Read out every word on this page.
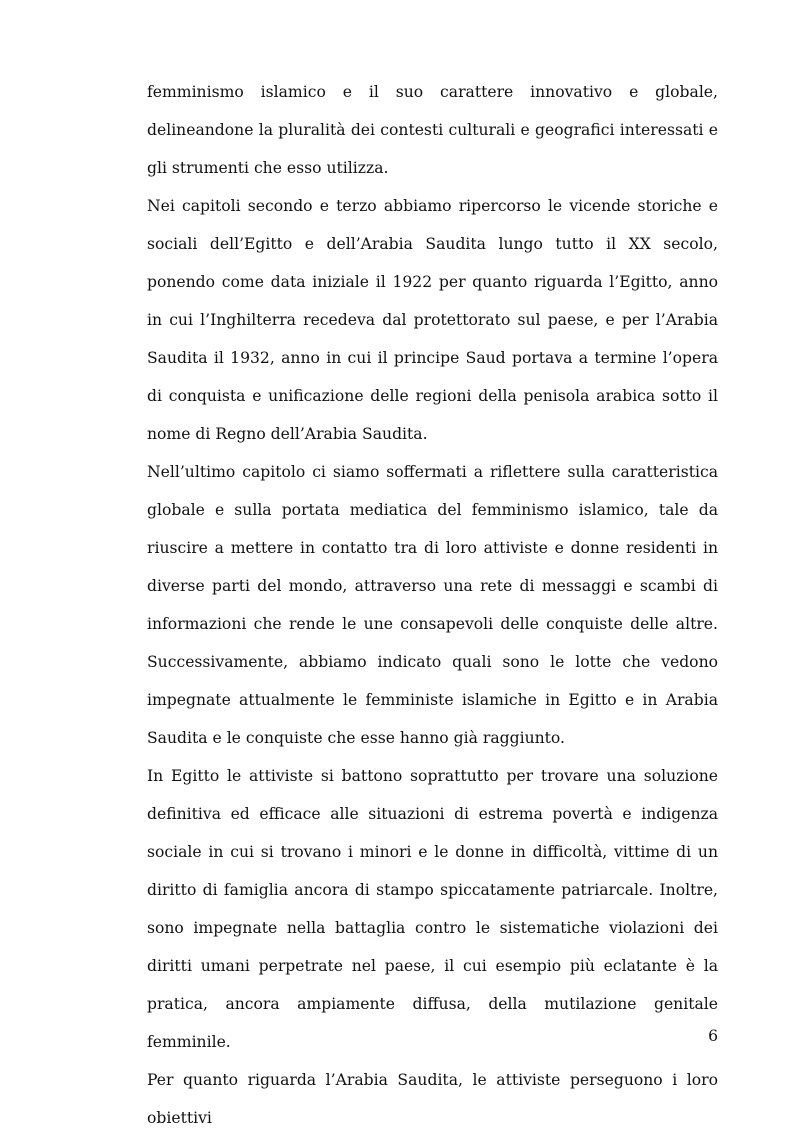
femminismo islamico e il suo carattere innovativo e globale, delineandone la pluralità dei contesti culturali e geografici interessati e gli strumenti che esso utilizza.

Nei capitoli secondo e terzo abbiamo ripercorso le vicende storiche e sociali dell’Egitto e dell’Arabia Saudita lungo tutto il XX secolo, ponendo come data iniziale il 1922 per quanto riguarda l’Egitto, anno in cui l’Inghilterra recedeva dal protettorato sul paese, e per l’Arabia Saudita il 1932, anno in cui il principe Saud portava a termine l’opera di conquista e unificazione delle regioni della penisola arabica sotto il nome di Regno dell’Arabia Saudita.

Nell’ultimo capitolo ci siamo soffermati a riflettere sulla caratteristica globale e sulla portata mediatica del femminismo islamico, tale da riuscire a mettere in contatto tra di loro attiviste e donne residenti in diverse parti del mondo, attraverso una rete di messaggi e scambi di informazioni che rende le une consapevoli delle conquiste delle altre. Successivamente, abbiamo indicato quali sono le lotte che vedono impegnate attualmente le femministe islamiche in Egitto e in Arabia Saudita e le conquiste che esse hanno già raggiunto.

In Egitto le attiviste si battono soprattutto per trovare una soluzione definitiva ed efficace alle situazioni di estrema povertà e indigenza sociale in cui si trovano i minori e le donne in difficoltà, vittime di un diritto di famiglia ancora di stampo spiccatamente patriarcale. Inoltre, sono impegnate nella battaglia contro le sistematiche violazioni dei diritti umani perpetrate nel paese, il cui esempio più eclatante è la pratica, ancora ampiamente diffusa, della mutilazione genitale femminile.

Per quanto riguarda l’Arabia Saudita, le attiviste perseguono i loro obiettivi

6
